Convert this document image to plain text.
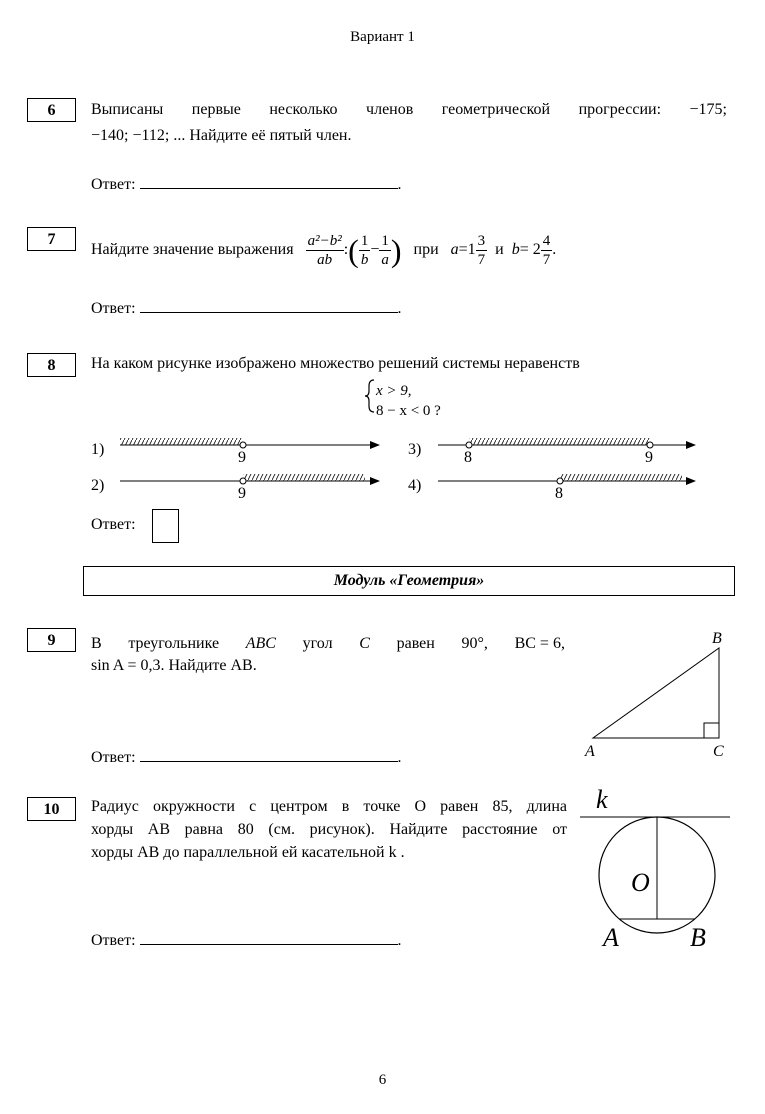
Вариант 1
6	Выписаны первые несколько членов геометрической прогрессии: −175;
−140; −112; ... Найдите её пятый член.
Ответ:	.
7
Найдите значение выражения $\frac{\text{a²−b²}}{ab}$ :( $\frac{1}{b} - \frac{1}{a}$ ) при $a=1 \frac{3}{7}$ и $b= 2 \frac{4}{7}$ .
Ответ:	.
8	На каком рисунке изображено множество решений системы неравенств
x > 9,
8 − x < 0 ?
1)	9	3)	8	9
2)	9	4)	8
Ответ:
Модуль «Геометрия»
9	В треугольнике ABC угол C равен 90°, BC = 6,
sin A = 0,3. Найдите AB.
B
A	C
Ответ:	.
10	Радиус окружности с центром в точке O равен 85, длина
хорды AB равна 80 (см. рисунок). Найдите расстояние от
хорды AB до параллельной ей касательной k .
k
O
A	B
Ответ:	.
6
